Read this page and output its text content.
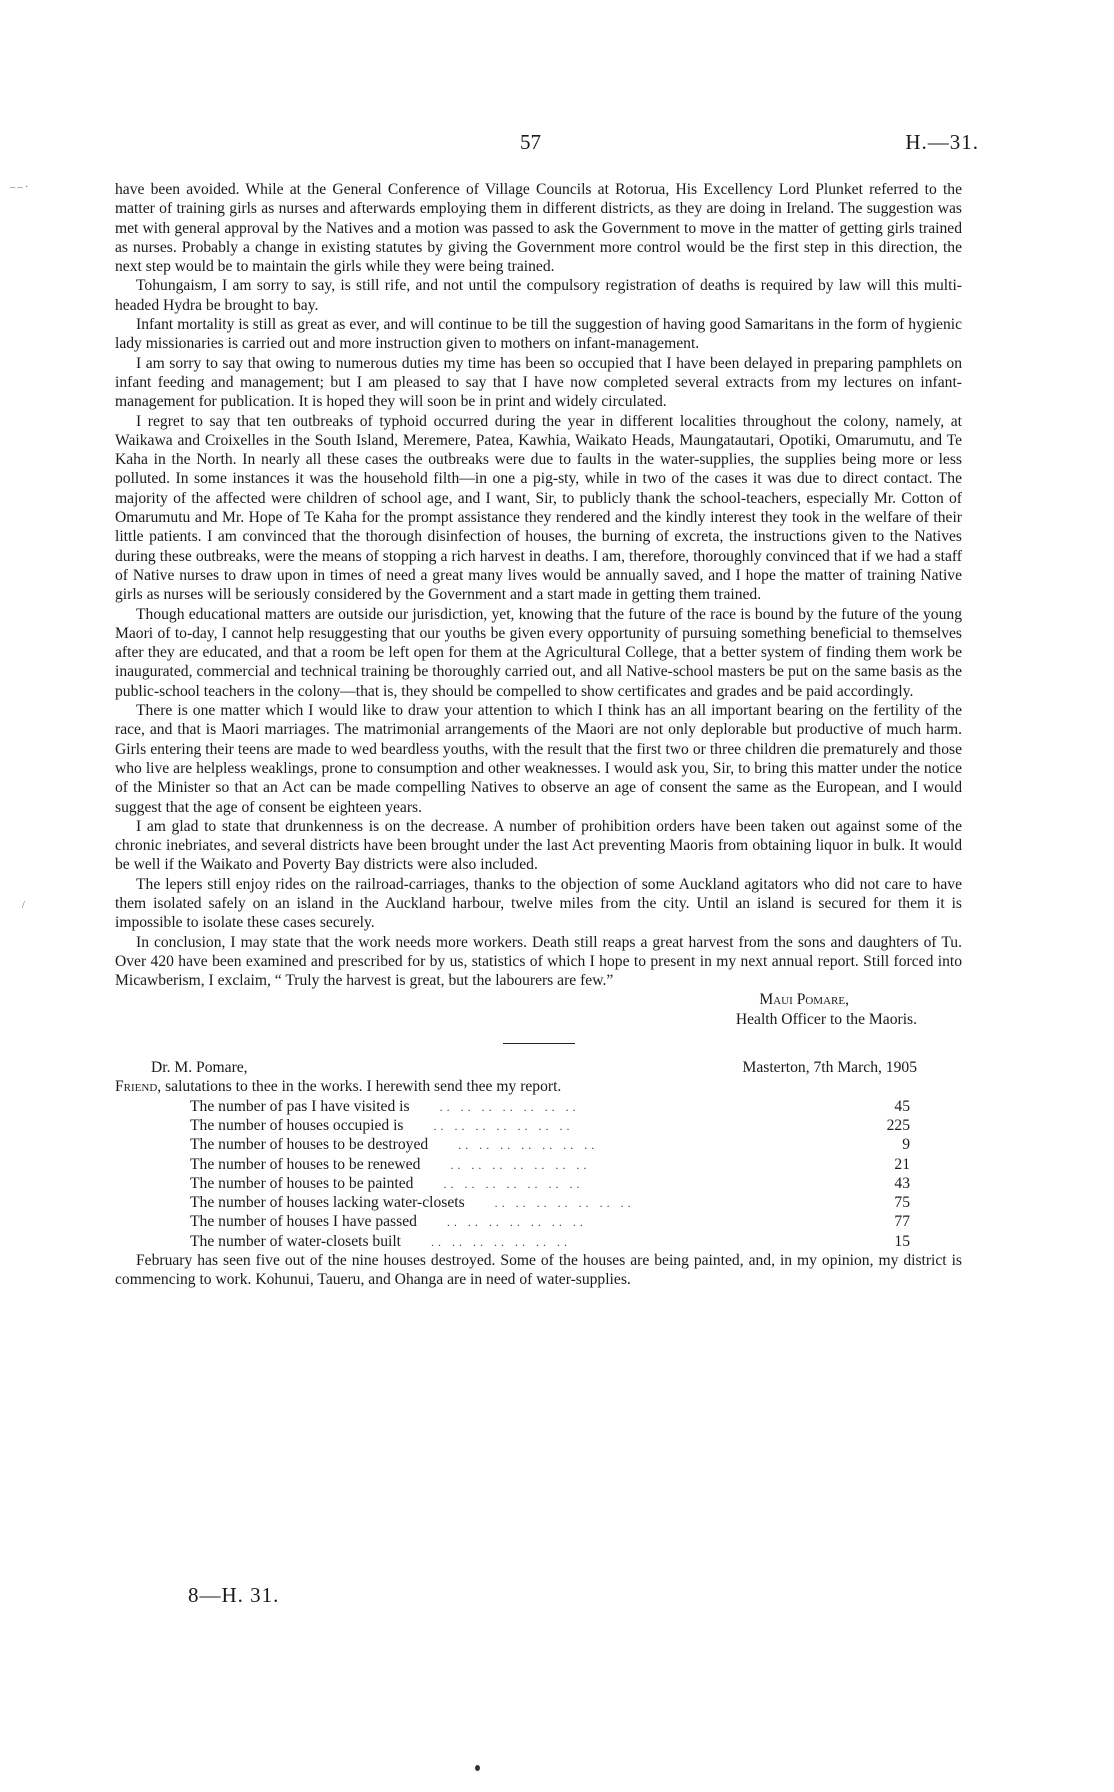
57	H.—31.
– – ·
/

have been avoided. While at the General Conference of Village Councils at Rotorua, His Excellency Lord Plunket referred to the matter of training girls as nurses and afterwards employing them in different districts, as they are doing in Ireland. The suggestion was met with general approval by the Natives and a motion was passed to ask the Government to move in the matter of getting girls trained as nurses. Probably a change in existing statutes by giving the Government more control would be the first step in this direction, the next step would be to maintain the girls while they were being trained.

Tohungaism, I am sorry to say, is still rife, and not until the compulsory registration of deaths is required by law will this multi-headed Hydra be brought to bay.

Infant mortality is still as great as ever, and will continue to be till the suggestion of having good Samaritans in the form of hygienic lady missionaries is carried out and more instruction given to mothers on infant-management.

I am sorry to say that owing to numerous duties my time has been so occupied that I have been delayed in preparing pamphlets on infant feeding and management; but I am pleased to say that I have now completed several extracts from my lectures on infant-management for publication. It is hoped they will soon be in print and widely circulated.

I regret to say that ten outbreaks of typhoid occurred during the year in different localities throughout the colony, namely, at Waikawa and Croixelles in the South Island, Meremere, Patea, Kawhia, Waikato Heads, Maungatautari, Opotiki, Omarumutu, and Te Kaha in the North. In nearly all these cases the outbreaks were due to faults in the water-supplies, the supplies being more or less polluted. In some instances it was the household filth—in one a pig-sty, while in two of the cases it was due to direct contact. The majority of the affected were children of school age, and I want, Sir, to publicly thank the school-teachers, especially Mr. Cotton of Omarumutu and Mr. Hope of Te Kaha for the prompt assistance they rendered and the kindly interest they took in the welfare of their little patients. I am convinced that the thorough disinfection of houses, the burning of excreta, the instructions given to the Natives during these outbreaks, were the means of stopping a rich harvest in deaths. I am, therefore, thoroughly convinced that if we had a staff of Native nurses to draw upon in times of need a great many lives would be annually saved, and I hope the matter of training Native girls as nurses will be seriously considered by the Government and a start made in getting them trained.

Though educational matters are outside our jurisdiction, yet, knowing that the future of the race is bound by the future of the young Maori of to-day, I cannot help resuggesting that our youths be given every opportunity of pursuing something beneficial to themselves after they are educated, and that a room be left open for them at the Agricultural College, that a better system of finding them work be inaugurated, commercial and technical training be thoroughly carried out, and all Native-school masters be put on the same basis as the public-school teachers in the colony—that is, they should be compelled to show certificates and grades and be paid accordingly.

There is one matter which I would like to draw your attention to which I think has an all important bearing on the fertility of the race, and that is Maori marriages. The matrimonial arrangements of the Maori are not only deplorable but productive of much harm. Girls entering their teens are made to wed beardless youths, with the result that the first two or three children die prematurely and those who live are helpless weaklings, prone to consumption and other weaknesses. I would ask you, Sir, to bring this matter under the notice of the Minister so that an Act can be made compelling Natives to observe an age of consent the same as the European, and I would suggest that the age of consent be eighteen years.

I am glad to state that drunkenness is on the decrease. A number of prohibition orders have been taken out against some of the chronic inebriates, and several districts have been brought under the last Act preventing Maoris from obtaining liquor in bulk. It would be well if the Waikato and Poverty Bay districts were also included.

The lepers still enjoy rides on the railroad-carriages, thanks to the objection of some Auckland agitators who did not care to have them isolated safely on an island in the Auckland harbour, twelve miles from the city. Until an island is secured for them it is impossible to isolate these cases securely.

In conclusion, I may state that the work needs more workers. Death still reaps a great harvest from the sons and daughters of Tu. Over 420 have been examined and prescribed for by us, statistics of which I hope to present in my next annual report. Still forced into Micawberism, I exclaim, “ Truly the harvest is great, but the labourers are few.”

Maui Pomare,
Health Officer to the Maoris.
Dr. M. Pomare,	Masterton, 7th March, 1905
Friend, salutations to thee in the works. I herewith send thee my report.
The number of pas I have visited is	.. .. .. .. .. .. ..	45
The number of houses occupied is	.. .. .. .. .. .. ..	225
The number of houses to be destroyed	.. .. .. .. .. .. ..	9
The number of houses to be renewed	.. .. .. .. .. .. ..	21
The number of houses to be painted	.. .. .. .. .. .. ..	43
The number of houses lacking water-closets	.. .. .. .. .. .. ..	75
The number of houses I have passed	.. .. .. .. .. .. ..	77
The number of water-closets built	.. .. .. .. .. .. ..	15

February has seen five out of the nine houses destroyed. Some of the houses are being painted, and, in my opinion, my district is commencing to work. Kohunui, Taueru, and Ohanga are in need of water-supplies.

8—H. 31.
